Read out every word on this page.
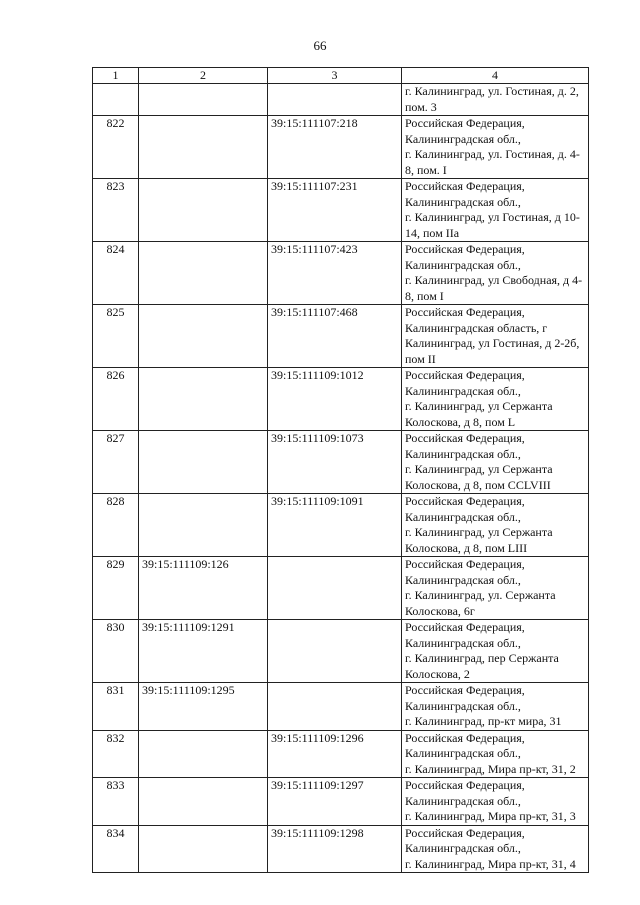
66
1	2	3	4
			г. Калининград, ул. Гостиная, д. 2,
пом. 3
822		39:15:111107:218	Российская Федерация,
Калининградская обл.,
г. Калининград, ул. Гостиная, д. 4-
8, пом. I
823		39:15:111107:231	Российская Федерация,
Калининградская обл.,
г. Калининград, ул Гостиная, д 10-
14, пом IIа
824		39:15:111107:423	Российская Федерация,
Калининградская обл.,
г. Калининград, ул Свободная, д 4-
8, пом I
825		39:15:111107:468	Российская Федерация,
Калининградская область, г
Калининград, ул Гостиная, д 2-2б,
пом II
826		39:15:111109:1012	Российская Федерация,
Калининградская обл.,
г. Калининград, ул Сержанта
Колоскова, д 8, пом L
827		39:15:111109:1073	Российская Федерация,
Калининградская обл.,
г. Калининград, ул Сержанта
Колоскова, д 8, пом CCLVIII
828		39:15:111109:1091	Российская Федерация,
Калининградская обл.,
г. Калининград, ул Сержанта
Колоскова, д 8, пом LIII
829	39:15:111109:126		Российская Федерация,
Калининградская обл.,
г. Калининград, ул. Сержанта
Колоскова, 6г
830	39:15:111109:1291		Российская Федерация,
Калининградская обл.,
г. Калининград, пер Сержанта
Колоскова, 2
831	39:15:111109:1295		Российская Федерация,
Калининградская обл.,
г. Калининград, пр-кт мира, 31
832		39:15:111109:1296	Российская Федерация,
Калининградская обл.,
г. Калининград, Мира пр-кт, 31, 2
833		39:15:111109:1297	Российская Федерация,
Калининградская обл.,
г. Калининград, Мира пр-кт, 31, 3
834		39:15:111109:1298	Российская Федерация,
Калининградская обл.,
г. Калининград, Мира пр-кт, 31, 4
